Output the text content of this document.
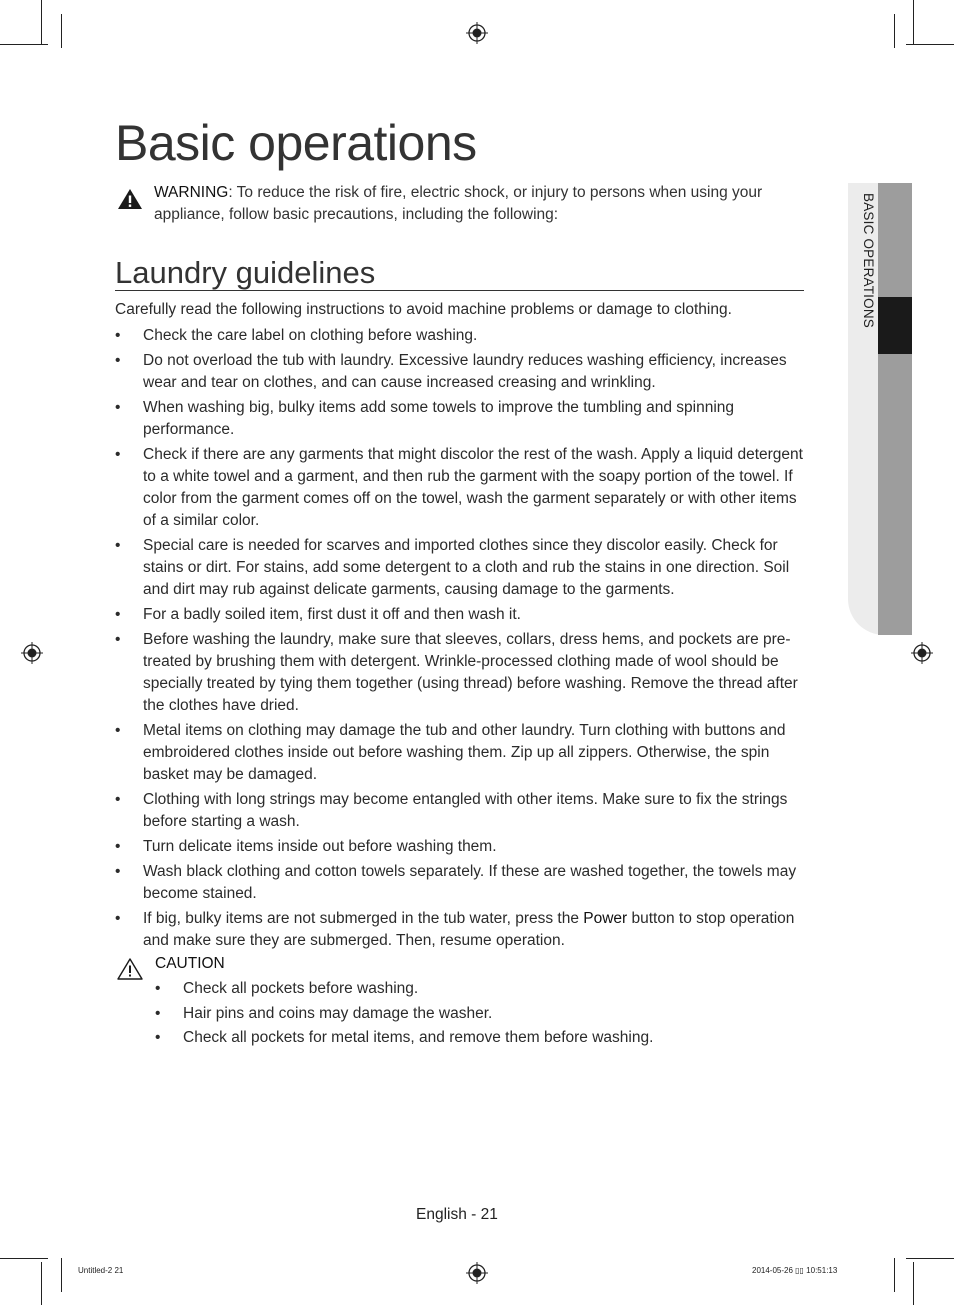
BASIC OPERATIONS
Basic operations
WARNING: To reduce the risk of fire, electric shock, or injury to persons when using your appliance, follow basic precautions, including the following:
Laundry guidelines
Carefully read the following instructions to avoid machine problems or damage to clothing.
• Check the care label on clothing before washing.
• Do not overload the tub with laundry. Excessive laundry reduces washing efficiency, increases wear and tear on clothes, and can cause increased creasing and wrinkling.
• When washing big, bulky items add some towels to improve the tumbling and spinning performance.
• Check if there are any garments that might discolor the rest of the wash. Apply a liquid detergent to a white towel and a garment, and then rub the garment with the soapy portion of the towel. If color from the garment comes off on the towel, wash the garment separately or with other items of a similar color.
• Special care is needed for scarves and imported clothes since they discolor easily. Check for stains or dirt. For stains, add some detergent to a cloth and rub the stains in one direction. Soil and dirt may rub against delicate garments, causing damage to the garments.
• For a badly soiled item, first dust it off and then wash it.
• Before washing the laundry, make sure that sleeves, collars, dress hems, and pockets are pre-treated by brushing them with detergent. Wrinkle-processed clothing made of wool should be specially treated by tying them together (using thread) before washing. Remove the thread after the clothes have dried.
• Metal items on clothing may damage the tub and other laundry. Turn clothing with buttons and embroidered clothes inside out before washing them. Zip up all zippers. Otherwise, the spin basket may be damaged.
• Clothing with long strings may become entangled with other items. Make sure to fix the strings before starting a wash.
• Turn delicate items inside out before washing them.
• Wash black clothing and cotton towels separately. If these are washed together, the towels may become stained.
• If big, bulky items are not submerged in the tub water, press the Power button to stop operation and make sure they are submerged. Then, resume operation.
CAUTION
• Check all pockets before washing.
• Hair pins and coins may damage the washer.
• Check all pockets for metal items, and remove them before washing.
English - 21
Untitled-2 21	2014-05-26 ▯▯ 10:51:13
